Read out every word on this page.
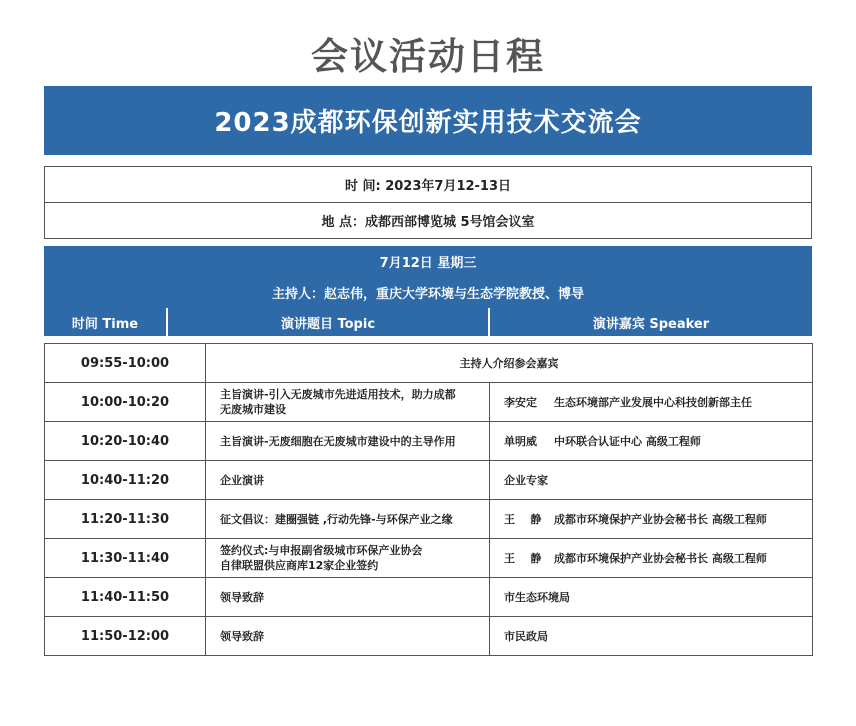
会议活动日程
2023成都环保创新实用技术交流会
时 间: 2023年7月12-13日
地 点：成都西部博览城 5号馆会议室
7月12日 星期三
主持人：赵志伟，重庆大学环境与生态学院教授、博导
时间 Time	演讲题目 Topic	演讲嘉宾 Speaker
09:55-10:00	主持人介绍参会嘉宾	
10:00-10:20	主旨演讲-引入无废城市先进适用技术，助力成都
无废城市建设	李安定 生态环境部产业发展中心科技创新部主任
10:20-10:40	主旨演讲-无废细胞在无废城市建设中的主导作用	单明威 中环联合认证中心 高级工程师
10:40-11:20	企业演讲	企业专家
11:20-11:30	征文倡议：建圈强链 ,行动先锋-与环保产业之缘	王    静 成都市环境保护产业协会秘书长 高级工程师
11:30-11:40	签约仪式:与申报副省级城市环保产业协会
自律联盟供应商库12家企业签约	王    静 成都市环境保护产业协会秘书长 高级工程师
11:40-11:50	领导致辞	市生态环境局
11:50-12:00	领导致辞	市民政局
